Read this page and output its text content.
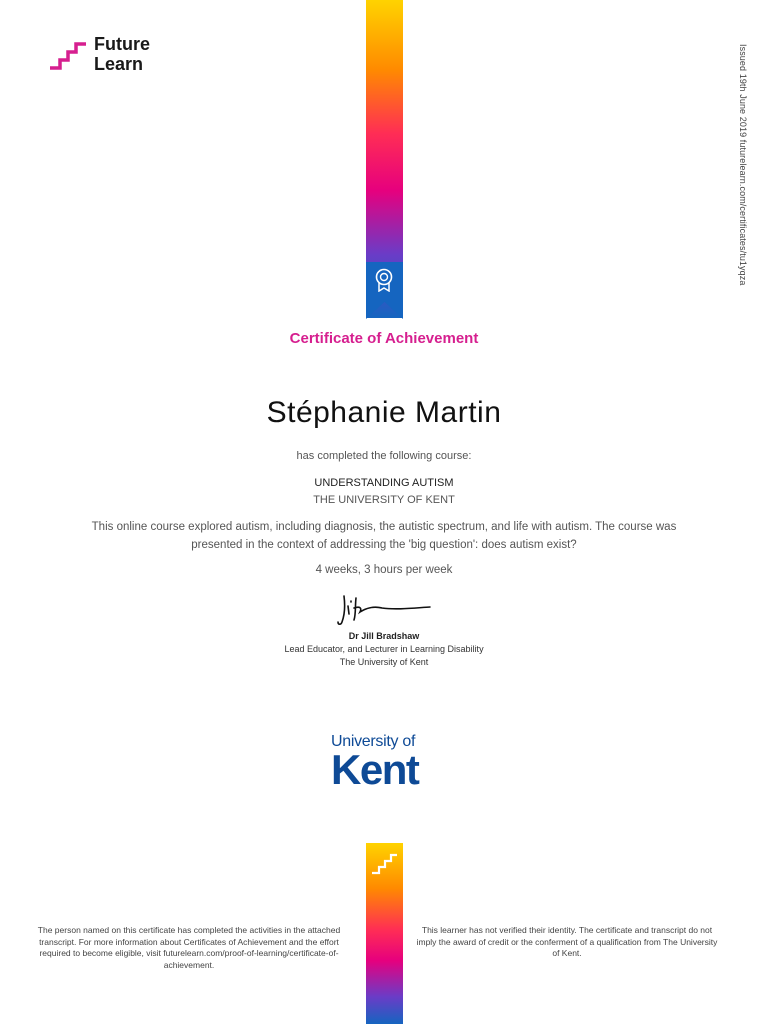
Future
Learn	Issued 19th June 2019 futurelearn.com/certificates/tu1yqza
Certificate of Achievement
Stéphanie Martin
has completed the following course:
UNDERSTANDING AUTISM
THE UNIVERSITY OF KENT
This online course explored autism, including diagnosis, the autistic spectrum, and life with autism. The course was presented in the context of addressing the 'big question': does autism exist?
4 weeks, 3 hours per week
Dr Jill Bradshaw
Lead Educator, and Lecturer in Learning Disability
The University of Kent
University of
Kent
The person named on this certificate has completed the activities in the attached transcript. For more information about Certificates of Achievement and the effort required to become eligible, visit futurelearn.com/proof-of-learning/certificate-of-achievement.
This learner has not verified their identity. The certificate and transcript do not imply the award of credit or the conferment of a qualification from The University of Kent.
